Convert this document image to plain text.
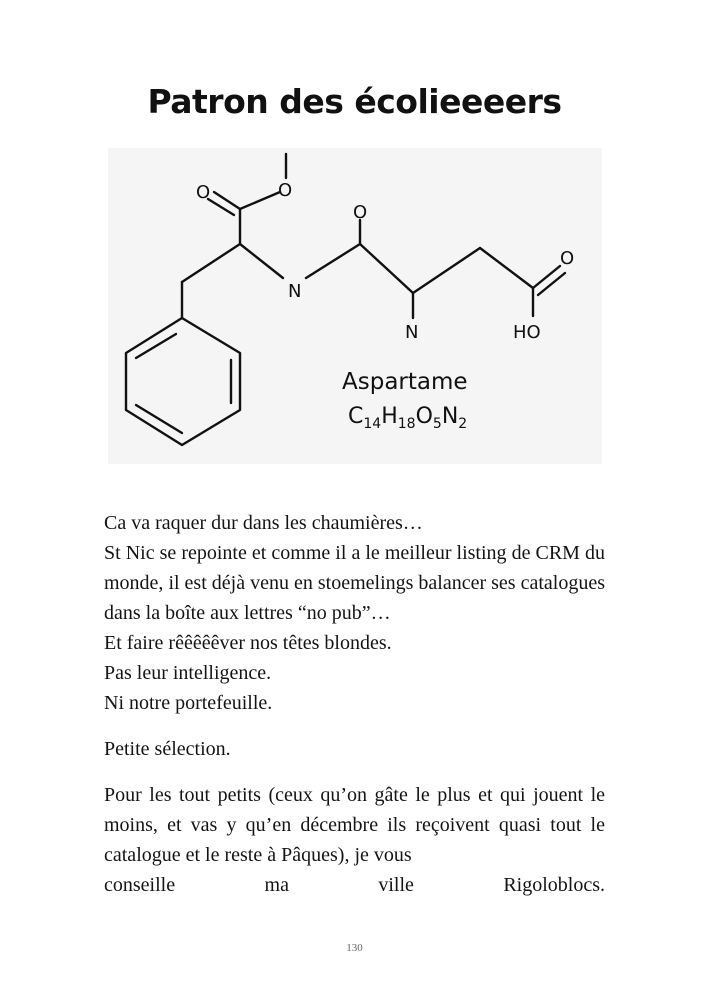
Patron des écolieeeers
O	O
N
O
N
O
HO
Aspartame
$C_{14}H_{18}O_5N_2$

Ca va raquer dur dans les chaumières…

St Nic se repointe et comme il a le meilleur listing de CRM du monde, il est déjà venu en stoemelings balancer ses catalogues dans la boîte aux lettres “no pub”…

Et faire rêêêêêver nos têtes blondes.

Pas leur intelligence.

Ni notre portefeuille.

Petite sélection.

Pour les tout petits (ceux qu’on gâte le plus et qui jouent le moins, et vas y qu’en décembre ils reçoivent quasi tout le catalogue et le reste à Pâques), je vous

conseille ma ville Rigoloblocs.

130
